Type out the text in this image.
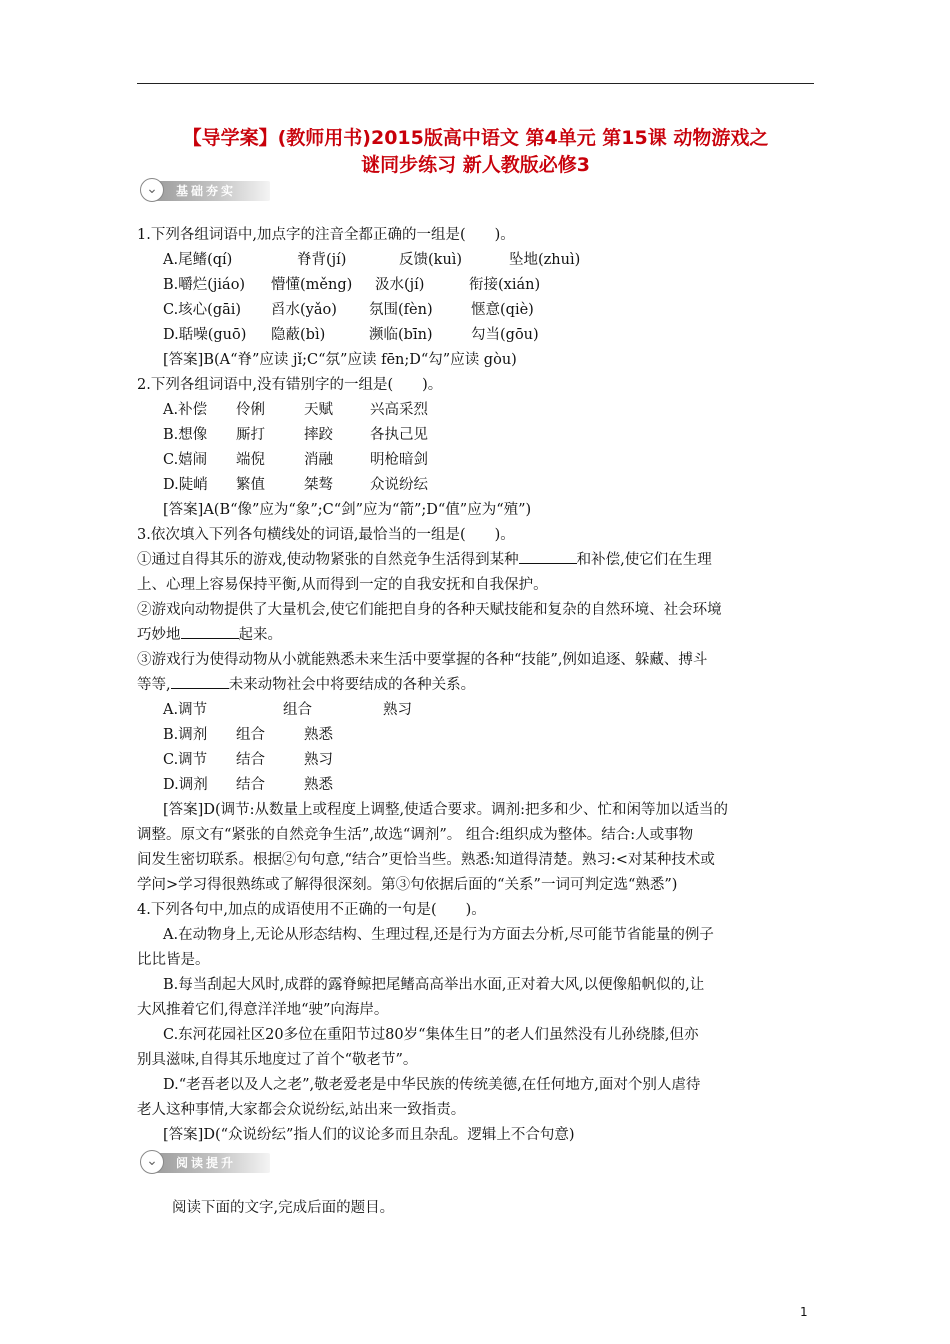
【导学案】(教师用书)2015版高中语文 第4单元 第15课 动物游戏之
谜同步练习 新人教版必修3
⌄	基础夯实
1.下列各组词语中,加点字的注音全都正确的一组是(　　)。
A.尾鳍(qí)	脊背(jí)	反馈(kuì)	坠地(zhuì)
B.嚼烂(jiáo) 懵懂(měng) 汲水(jí)	衔接(xián)
C.垓心(gāi) 舀水(yǎo) 氛围(fèn)	惬意(qiè)
D.聒噪(guō) 隐蔽(bì)	濒临(bīn)	勾当(gōu)
[答案]B(A“脊”应读 jǐ;C“氛”应读 fēn;D“勾”应读 gòu)
2.下列各组词语中,没有错别字的一组是(　　)。
A.补偿 伶俐	天赋	兴高采烈
B.想像 厮打	摔跤	各执己见
C.嬉闹 端倪	消融	明枪暗剑
D.陡峭 繁值	桀骜	众说纷纭
[答案]A(B“像”应为“象”;C“剑”应为“箭”;D“值”应为“殖”)
3.依次填入下列各句横线处的词语,最恰当的一组是(　　)。
①通过自得其乐的游戏,使动物紧张的自然竞争生活得到某种	和补偿,使它们在生理
上、心理上容易保持平衡,从而得到一定的自我安抚和自我保护。
②游戏向动物提供了大量机会,使它们能把自身的各种天赋技能和复杂的自然环境、社会环境
巧妙地	起来。
③游戏行为使得动物从小就能熟悉未来生活中要掌握的各种“技能”,例如追逐、躲藏、搏斗
等等,	未来动物社会中将要结成的各种关系。
A.调节	组合	熟习
B.调剂 组合	熟悉
C.调节 结合	熟习
D.调剂 结合	熟悉
[答案]D(调节:从数量上或程度上调整,使适合要求。调剂:把多和少、忙和闲等加以适当的
调整。原文有“紧张的自然竞争生活”,故选“调剂”。 组合:组织成为整体。结合:人或事物
间发生密切联系。根据②句句意,“结合”更恰当些。熟悉:知道得清楚。熟习:<对某种技术或
学问>学习得很熟练或了解得很深刻。第③句依据后面的“关系”一词可判定选“熟悉”)
4.下列各句中,加点的成语使用不正确的一句是(　　)。
A.在动物身上,无论从形态结构、生理过程,还是行为方面去分析,尽可能节省能量的例子
比比皆是。
B.每当刮起大风时,成群的露脊鲸把尾鳍高高举出水面,正对着大风,以便像船帆似的,让
大风推着它们,得意洋洋地“驶”向海岸。
C.东河花园社区20多位在重阳节过80岁“集体生日”的老人们虽然没有儿孙绕膝,但亦
别具滋味,自得其乐地度过了首个“敬老节”。
D.“老吾老以及人之老”,敬老爱老是中华民族的传统美德,在任何地方,面对个别人虐待
老人这种事情,大家都会众说纷纭,站出来一致指责。
[答案]D(“众说纷纭”指人们的议论多而且杂乱。逻辑上不合句意)
⌄	阅读提升
阅读下面的文字,完成后面的题目。
1
